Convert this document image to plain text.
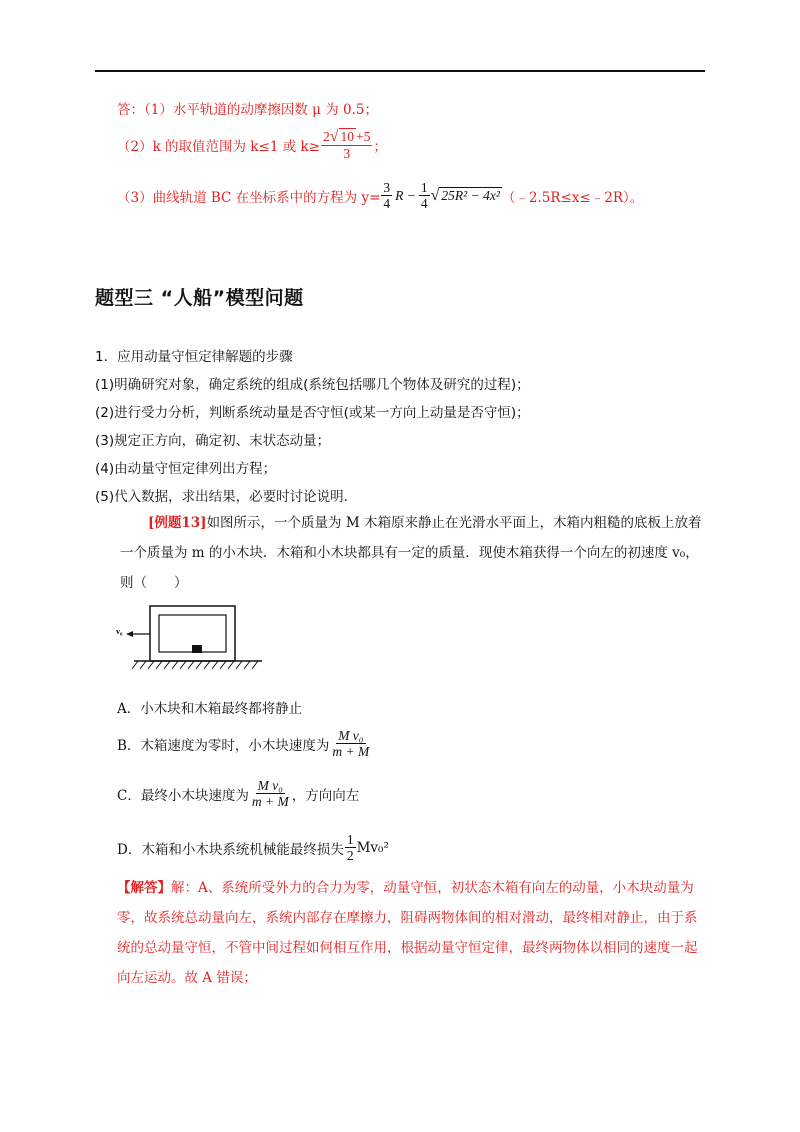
答：（1）水平轨道的动摩擦因数 μ 为 0.5；
（2）k 的取值范围为 k≤1 或 $k\ge \frac{2 √ 10 +5}{3}$ ；
（3）曲线轨道 BC 在坐标系中的方程为 $y= \frac{3}{4}$ $R - \frac{1}{4}$ √ 25R² − 4x² （﹣2.5R≤x≤﹣2R）。
题型三 “人船”模型问题
1．应用动量守恒定律解题的步骤
(1)明确研究对象，确定系统的组成(系统包括哪几个物体及研究的过程)；
(2)进行受力分析，判断系统动量是否守恒(或某一方向上动量是否守恒)；
(3)规定正方向，确定初、末状态动量；
(4)由动量守恒定律列出方程；
(5)代入数据，求出结果，必要时讨论说明．
[例题13]如图所示，一个质量为 M 木箱原来静止在光滑水平面上，木箱内粗糙的底板上放着一个质量为 m 的小木块．木箱和小木块都具有一定的质量．现使木箱获得一个向左的初速度 v₀，则（　　）
v₀
A．小木块和木箱最终都将静止
B．木箱速度为零时，小木块速度为 $\frac{\text{M v₀}}{m + M}$
C．最终小木块速度为 $\frac{\text{M v₀}}{m + M}$ ，方向向左
D．木箱和小木块系统机械能最终损失 $\frac{1}{2} Mv_0^2$
【解答】解：A、系统所受外力的合力为零，动量守恒，初状态木箱有向左的动量，小木块动量为零，故系统总动量向左，系统内部存在摩擦力，阻碍两物体间的相对滑动，最终相对静止，由于系统的总动量守恒，不管中间过程如何相互作用，根据动量守恒定律，最终两物体以相同的速度一起向左运动。故 A 错误；
